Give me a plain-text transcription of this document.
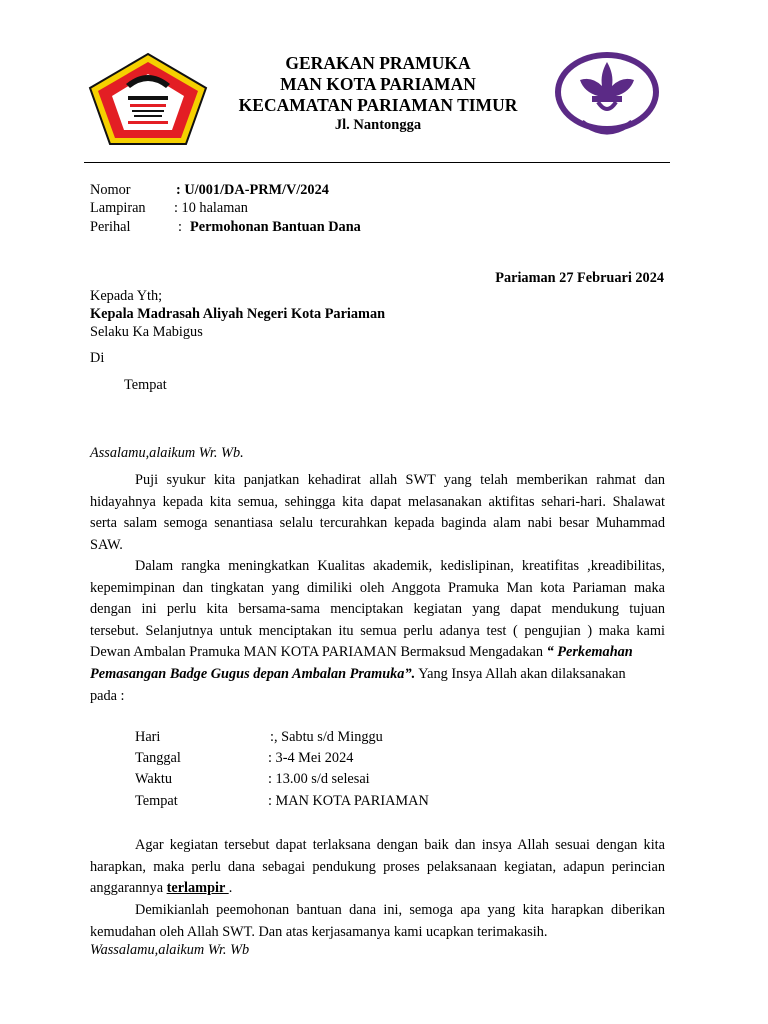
GERAKAN PRAMUKA
MAN KOTA PARIAMAN
KECAMATAN PARIAMAN TIMUR
Jl. Nantongga
Nomor	: U/001/DA-PRM/V/2024
Lampiran : 10 halaman
Perihal	: Permohonan Bantuan Dana
Pariaman 27 Februari 2024
Kepada Yth;
Kepala Madrasah Aliyah Negeri Kota Pariaman
Selaku Ka Mabigus
Di
Tempat
Assalamu,alaikum Wr. Wb.
Puji syukur kita panjatkan kehadirat allah SWT yang telah memberikan rahmat dan
hidayahnya kepada kita semua, sehingga kita dapat melasanakan aktifitas sehari-hari. Shalawat
serta salam semoga senantiasa selalu tercurahkan kepada baginda alam nabi besar Muhammad
SAW.
Dalam rangka meningkatkan Kualitas akademik, kedislipinan, kreatifitas ,kreadibilitas,
kepemimpinan dan tingkatan yang dimiliki oleh Anggota Pramuka Man kota Pariaman maka
dengan ini perlu kita bersama-sama menciptakan kegiatan yang dapat mendukung tujuan
tersebut. Selanjutnya untuk menciptakan itu semua perlu adanya test ( pengujian ) maka kami
Dewan Ambalan Pramuka MAN KOTA PARIAMAN Bermaksud Mengadakan “ Perkemahan
Pemasangan Badge Gugus depan Ambalan Pramuka”. Yang Insya Allah akan dilaksanakan
pada :
Hari	:, Sabtu s/d Minggu
Tanggal	: 3-4 Mei 2024
Waktu	: 13.00 s/d selesai
Tempat	: MAN KOTA PARIAMAN
Agar kegiatan tersebut dapat terlaksana dengan baik dan insya Allah sesuai dengan kita
harapkan, maka perlu dana sebagai pendukung proses pelaksanaan kegiatan, adapun perincian
anggarannya terlampir .
Demikianlah peemohonan bantuan dana ini, semoga apa yang kita harapkan diberikan
kemudahan oleh Allah SWT. Dan atas kerjasamanya kami ucapkan terimakasih.
Wassalamu,alaikum Wr. Wb
